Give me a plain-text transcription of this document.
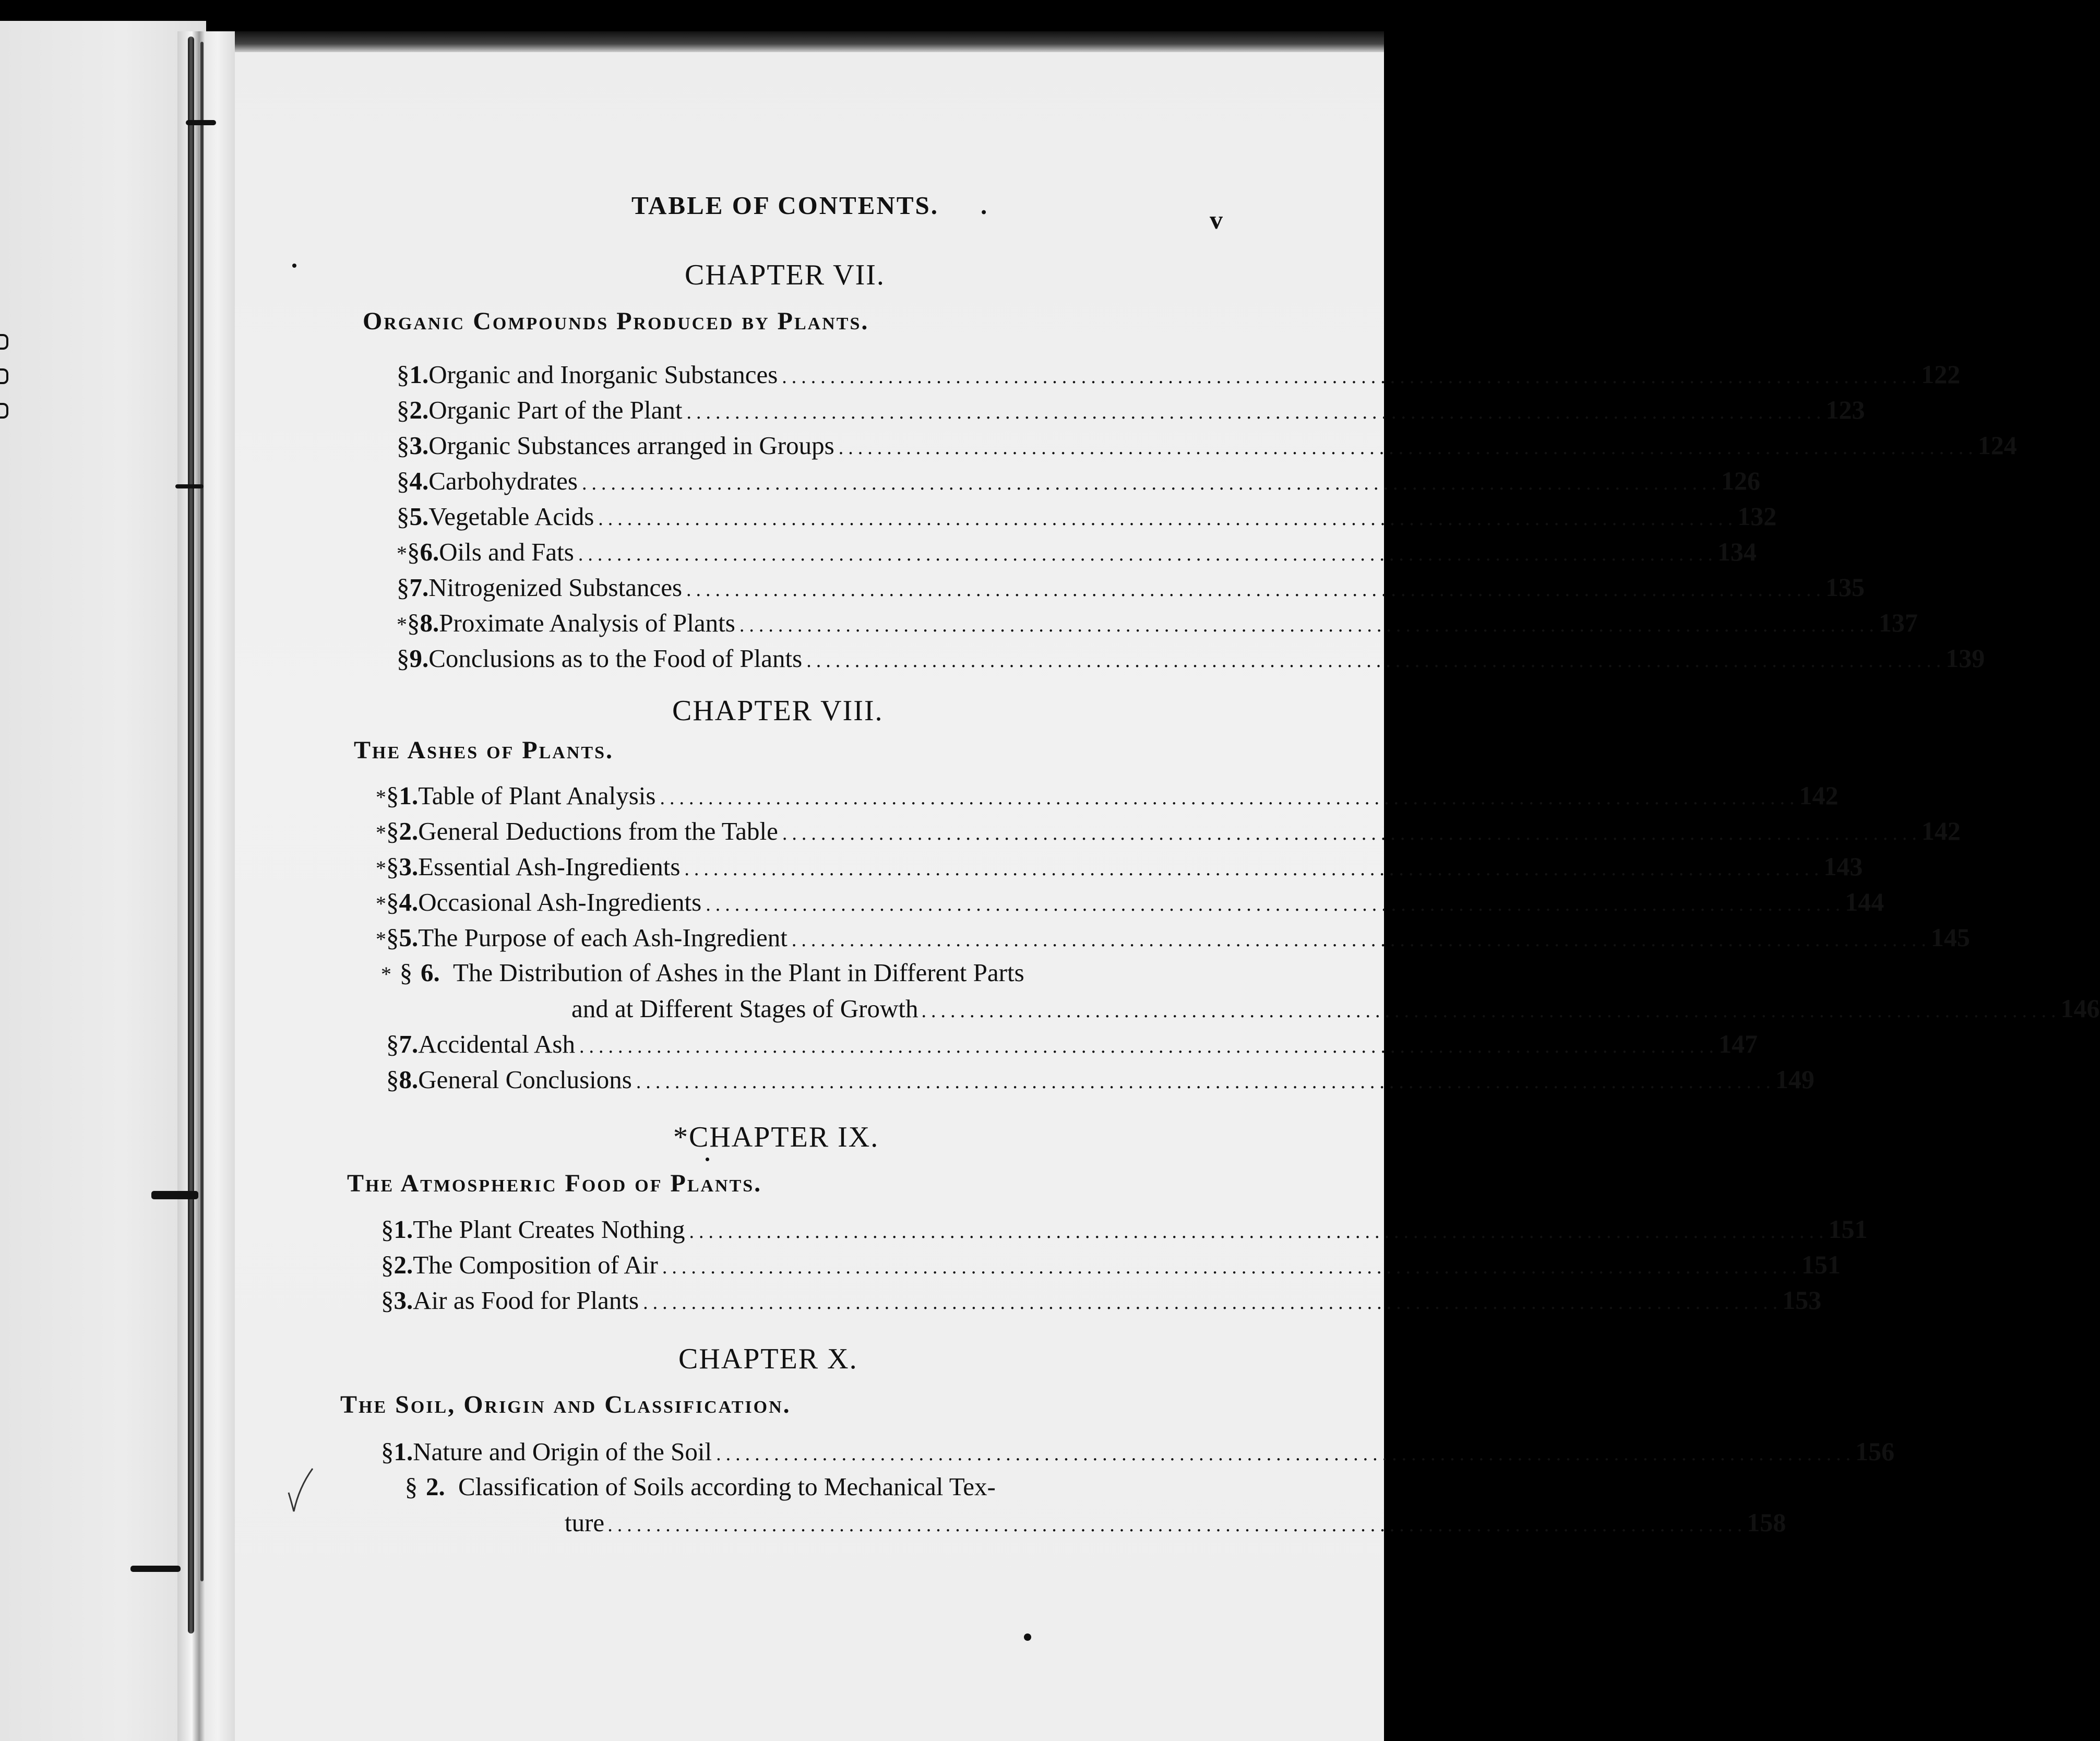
TABLE OF CONTENTS. .	v
CHAPTER VII.
Organic Compounds Produced by Plants.
§ 1. Organic and Inorganic Substances ...................................................................................................................... 122
§ 2. Organic Part of the Plant ...................................................................................................................... 123
§ 3. Organic Substances arranged in Groups ...................................................................................................................... 124
§ 4. Carbohydrates ...................................................................................................................... 126
§ 5. Vegetable Acids ...................................................................................................................... 132
* § 6. Oils and Fats ...................................................................................................................... 134
§ 7. Nitrogenized Substances ...................................................................................................................... 135
* § 8. Proximate Analysis of Plants ...................................................................................................................... 137
§ 9. Conclusions as to the Food of Plants ...................................................................................................................... 139
CHAPTER VIII.
The Ashes of Plants.
* § 1. Table of Plant Analysis ...................................................................................................................... 142
* § 2. General Deductions from the Table ...................................................................................................................... 142
* § 3. Essential Ash-Ingredients ...................................................................................................................... 143
* § 4. Occasional Ash-Ingredients ...................................................................................................................... 144
* § 5. The Purpose of each Ash-Ingredient ...................................................................................................................... 145
* § 6. The Distribution of Ashes in the Plant in Different Parts
and at Different Stages of Growth ...................................................................................................................... 146
§ 7. Accidental Ash ...................................................................................................................... 147
§ 8. General Conclusions ...................................................................................................................... 149
*CHAPTER IX.
The Atmospheric Food of Plants.
§ 1. The Plant Creates Nothing ...................................................................................................................... 151
§ 2. The Composition of Air ...................................................................................................................... 151
§ 3. Air as Food for Plants ...................................................................................................................... 153
CHAPTER X.
The Soil, Origin and Classification.
§ 1. Nature and Origin of the Soil ...................................................................................................................... 156
§ 2. Classification of Soils according to Mechanical Tex-
ture ...................................................................................................................... 158
